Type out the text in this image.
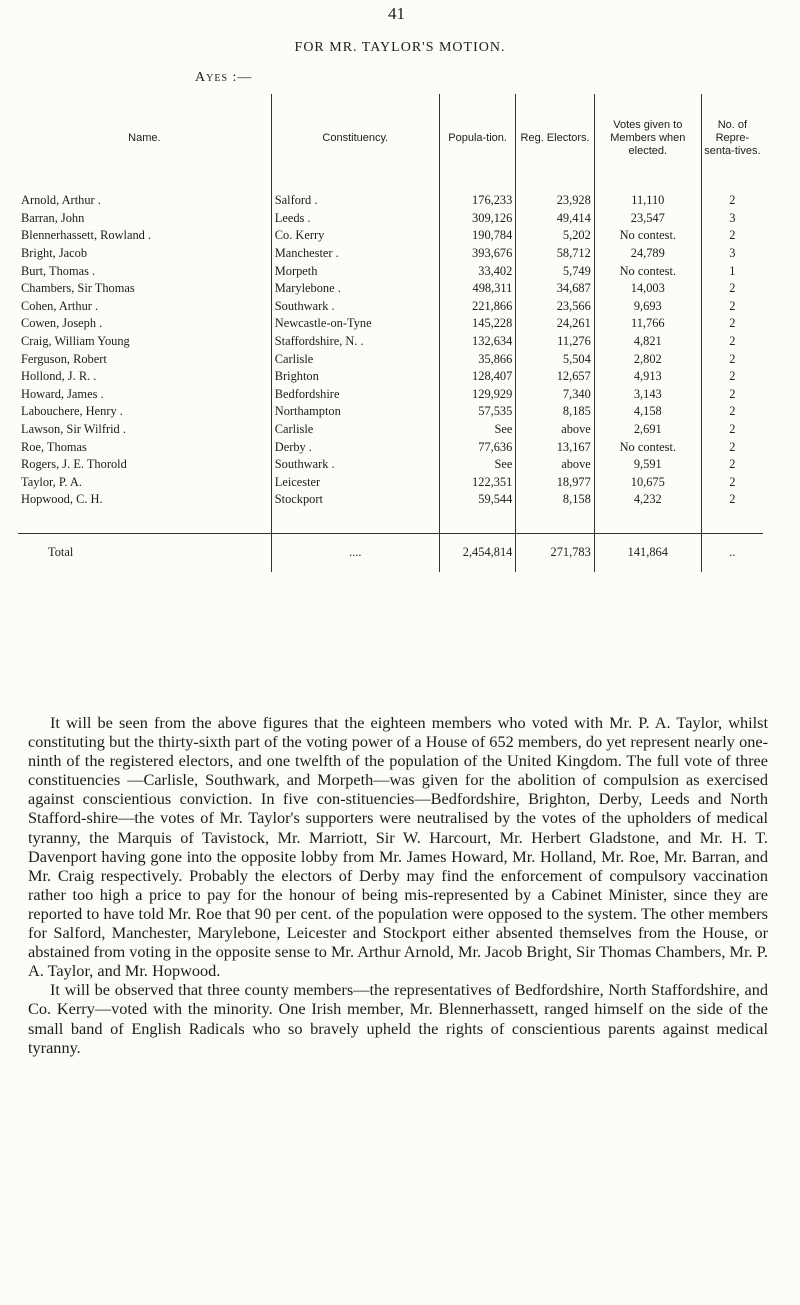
41
FOR MR. TAYLOR'S MOTION.
Ayes :—
Name.	Constituency.	Popula-tion.	Reg. Electors.	Votes given to Members when elected.	No. of Repre-senta-tives.

Arnold, Arthur .	Salford .	176,233	23,928	11,110	2
Barran, John	Leeds .	309,126	49,414	23,547	3
Blennerhassett, Rowland .	Co. Kerry	190,784	5,202	No contest.	2
Bright, Jacob	Manchester .	393,676	58,712	24,789	3
Burt, Thomas .	Morpeth	33,402	5,749	No contest.	1
Chambers, Sir Thomas	Marylebone .	498,311	34,687	14,003	2
Cohen, Arthur .	Southwark .	221,866	23,566	9,693	2
Cowen, Joseph .	Newcastle-on-Tyne	145,228	24,261	11,766	2
Craig, William Young	Staffordshire, N. .	132,634	11,276	4,821	2
Ferguson, Robert	Carlisle	35,866	5,504	2,802	2
Hollond, J. R. .	Brighton	128,407	12,657	4,913	2
Howard, James .	Bedfordshire	129,929	7,340	3,143	2
Labouchere, Henry .	Northampton	57,535	8,185	4,158	2
Lawson, Sir Wilfrid .	Carlisle	See	above	2,691	2
Roe, Thomas	Derby .	77,636	13,167	No contest.	2
Rogers, J. E. Thorold	Southwark .	See	above	9,591	2
Taylor, P. A.	Leicester	122,351	18,977	10,675	2
Hopwood, C. H.	Stockport	59,544	8,158	4,232	2

Total	....	2,454,814	271,783	141,864	..

It will be seen from the above figures that the eighteen members who voted with Mr. P. A. Taylor, whilst constituting but the thirty-sixth part of the voting power of a House of 652 members, do yet represent nearly one-ninth of the registered electors, and one twelfth of the population of the United Kingdom. The full vote of three constituencies —Carlisle, Southwark, and Morpeth—was given for the abolition of compulsion as exercised against conscientious conviction. In five con-stituencies—Bedfordshire, Brighton, Derby, Leeds and North Stafford-shire—the votes of Mr. Taylor's supporters were neutralised by the votes of the upholders of medical tyranny, the Marquis of Tavistock, Mr. Marriott, Sir W. Harcourt, Mr. Herbert Gladstone, and Mr. H. T. Davenport having gone into the opposite lobby from Mr. James Howard, Mr. Holland, Mr. Roe, Mr. Barran, and Mr. Craig respectively. Probably the electors of Derby may find the enforcement of compulsory vaccination rather too high a price to pay for the honour of being mis-represented by a Cabinet Minister, since they are reported to have told Mr. Roe that 90 per cent. of the population were opposed to the system. The other members for Salford, Manchester, Marylebone, Leicester and Stockport either absented themselves from the House, or abstained from voting in the opposite sense to Mr. Arthur Arnold, Mr. Jacob Bright, Sir Thomas Chambers, Mr. P. A. Taylor, and Mr. Hopwood.

It will be observed that three county members—the representatives of Bedfordshire, North Staffordshire, and Co. Kerry—voted with the minority. One Irish member, Mr. Blennerhassett, ranged himself on the side of the small band of English Radicals who so bravely upheld the rights of conscientious parents against medical tyranny.
